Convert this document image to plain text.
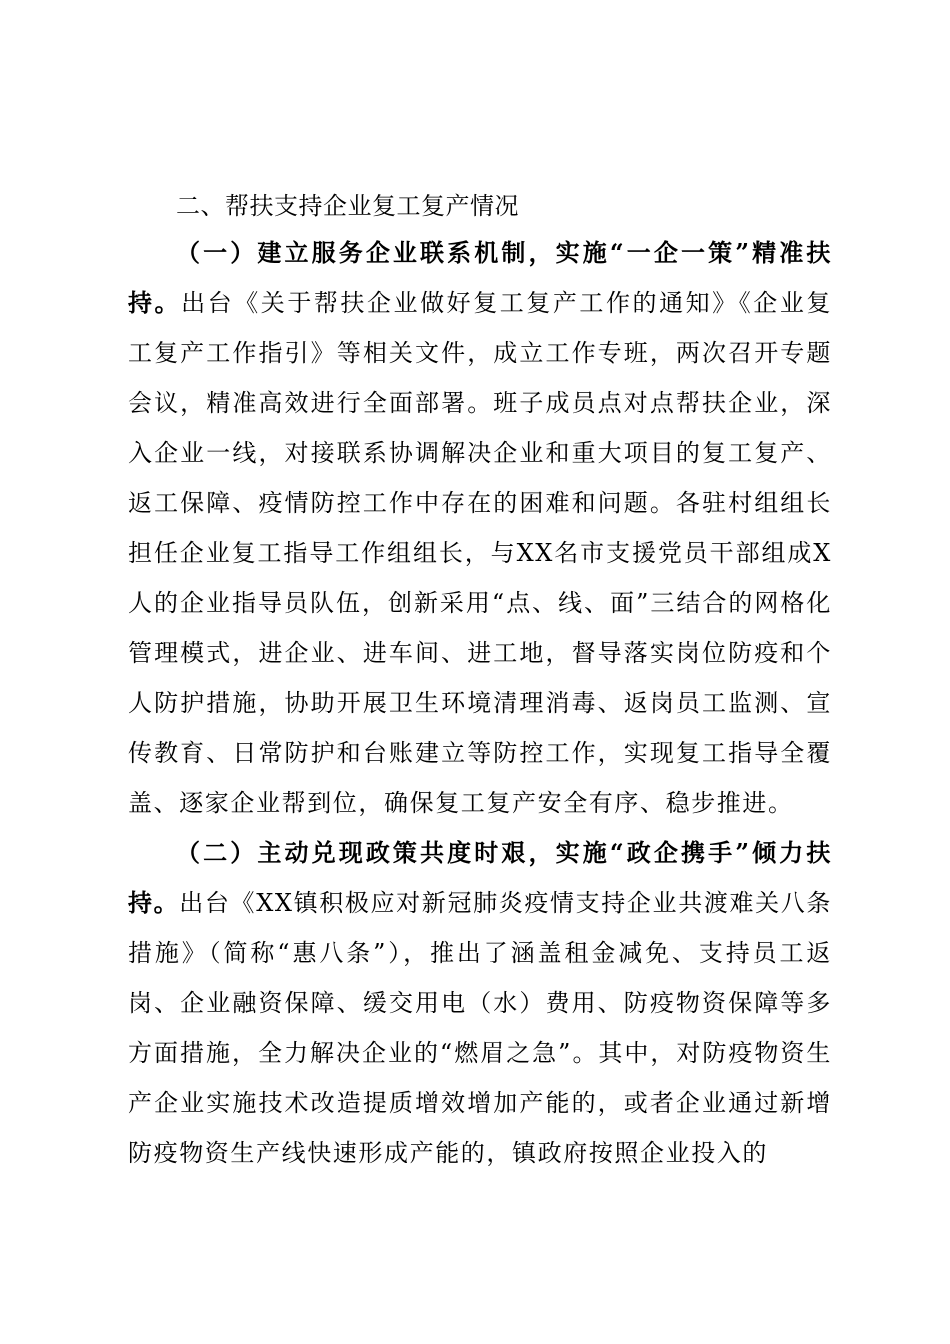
二、帮扶支持企业复工复产情况

（一）建立服务企业联系机制，实施“一企一策”精准扶持。出台《关于帮扶企业做好复工复产工作的通知》《企业复工复产工作指引》等相关文件，成立工作专班，两次召开专题会议，精准高效进行全面部署。班子成员点对点帮扶企业，深入企业一线，对接联系协调解决企业和重大项目的复工复产、返工保障、疫情防控工作中存在的困难和问题。各驻村组组长担任企业复工指导工作组组长，与XX名市支援党员干部组成X人的企业指导员队伍，创新采用“点、线、面”三结合的网格化管理模式，进企业、进车间、进工地，督导落实岗位防疫和个人防护措施，协助开展卫生环境清理消毒、返岗员工监测、宣传教育、日常防护和台账建立等防控工作，实现复工指导全覆盖、逐家企业帮到位，确保复工复产安全有序、稳步推进。

（二）主动兑现政策共度时艰，实施“政企携手”倾力扶持。出台《XX镇积极应对新冠肺炎疫情支持企业共渡难关八条措施》（简称“惠八条”），推出了涵盖租金减免、支持员工返岗、企业融资保障、缓交用电（水）费用、防疫物资保障等多方面措施，全力解决企业的“燃眉之急”。其中，对防疫物资生产企业实施技术改造提质增效增加产能的，或者企业通过新增防疫物资生产线快速形成产能的，镇政府按照企业投入的
